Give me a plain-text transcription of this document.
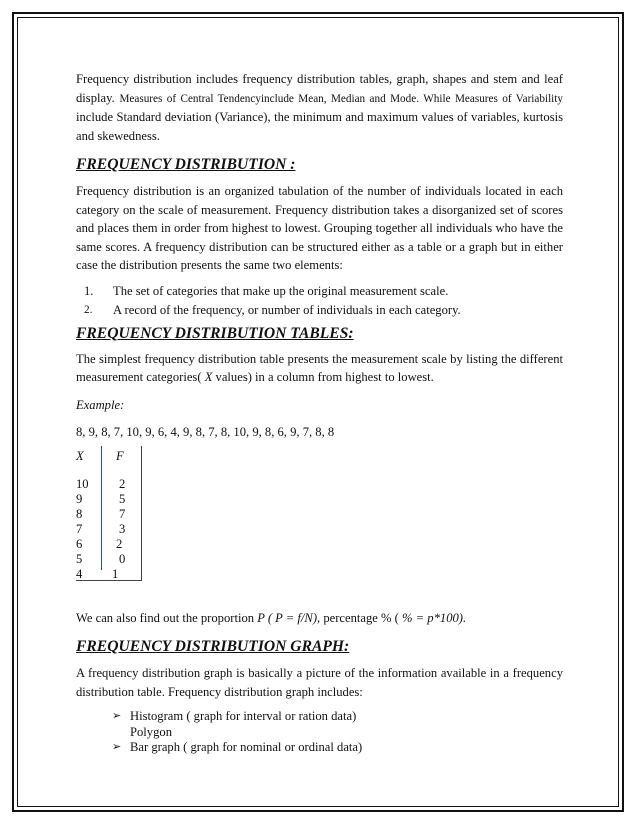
Frequency distribution includes frequency distribution tables, graph, shapes and stem and leaf display. Measures of Central Tendencyinclude Mean, Median and Mode. While Measures of Variability include Standard deviation (Variance), the minimum and maximum values of variables, kurtosis and skewedness.

FREQUENCY DISTRIBUTION :

Frequency distribution is an organized tabulation of the number of individuals located in each category on the scale of measurement. Frequency distribution takes a disorganized set of scores and places them in order from highest to lowest. Grouping together all individuals who have the same scores. A frequency distribution can be structured either as a table or a graph but in either case the distribution presents the same two elements:

1. The set of categories that make up the original measurement scale.
2. A record of the frequency, or number of individuals in each category.
FREQUENCY DISTRIBUTION TABLES:

The simplest frequency distribution table presents the measurement scale by listing the different measurement categories( X values) in a column from highest to lowest.

Example:

8, 9, 8, 7, 10, 9, 6, 4, 9, 8, 7, 8, 10, 9, 8, 6, 9, 7, 8, 8

X	F
10 2
9	5
8	7
7	3
6	2
5	0
4 1

We can also find out the proportion P ( P = f/N), percentage % ( % = p*100).

FREQUENCY DISTRIBUTION GRAPH:

A frequency distribution graph is basically a picture of the information available in a frequency distribution table. Frequency distribution graph includes:

➢ Histogram ( graph for interval or ration data)
Polygon
➢ Bar graph ( graph for nominal or ordinal data)
